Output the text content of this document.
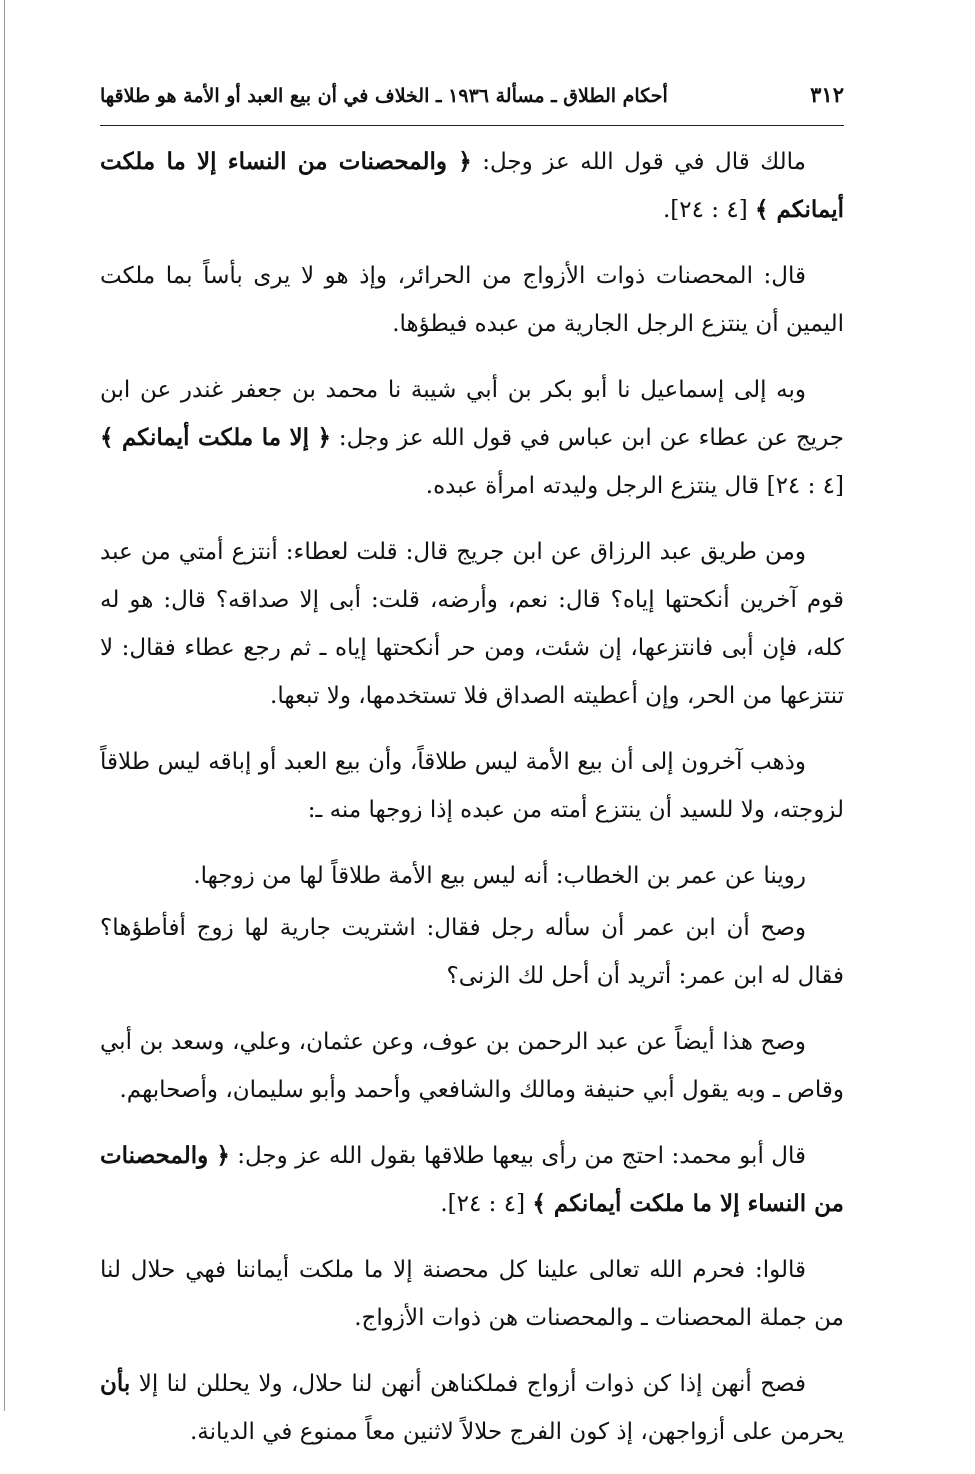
٣١٢
أحكام الطلاق ـ مسألة ١٩٣٦ ـ الخلاف في أن بيع العبد أو الأمة هو طلاقها

مالك قال في قول الله عز وجل: ﴿ والمحصنات من النساء إلا ما ملكت أيمانكم ﴾ [٤ : ٢٤].

قال: المحصنات ذوات الأزواج من الحرائر، وإذ هو لا يرى بأساً بما ملكت اليمين أن ينتزع الرجل الجارية من عبده فيطؤها.

وبه إلى إسماعيل نا أبو بكر بن أبي شيبة نا محمد بن جعفر غندر عن ابن جريج عن عطاء عن ابن عباس في قول الله عز وجل: ﴿ إلا ما ملكت أيمانكم ﴾ [٤ : ٢٤] قال ينتزع الرجل وليدته امرأة عبده.

ومن طريق عبد الرزاق عن ابن جريج قال: قلت لعطاء: أنتزع أمتي من عبد قوم آخرين أنكحتها إياه؟ قال: نعم، وأرضه، قلت: أبى إلا صداقه؟ قال: هو له كله، فإن أبى فانتزعها، إن شئت، ومن حر أنكحتها إياه ـ ثم رجع عطاء فقال: لا تنتزعها من الحر، وإن أعطيته الصداق فلا تستخدمها، ولا تبعها.

وذهب آخرون إلى أن بيع الأمة ليس طلاقاً، وأن بيع العبد أو إباقه ليس طلاقاً لزوجته، ولا للسيد أن ينتزع أمته من عبده إذا زوجها منه ـ:

روينا عن عمر بن الخطاب: أنه ليس بيع الأمة طلاقاً لها من زوجها.

وصح أن ابن عمر أن سأله رجل فقال: اشتريت جارية لها زوج أفأطؤها؟ فقال له ابن عمر: أتريد أن أحل لك الزنى؟

وصح هذا أيضاً عن عبد الرحمن بن عوف، وعن عثمان، وعلي، وسعد بن أبي وقاص ـ وبه يقول أبي حنيفة ومالك والشافعي وأحمد وأبو سليمان، وأصحابهم.

قال أبو محمد: احتج من رأى بيعها طلاقها بقول الله عز وجل: ﴿ والمحصنات من النساء إلا ما ملكت أيمانكم ﴾ [٤ : ٢٤].

قالوا: فحرم الله تعالى علينا كل محصنة إلا ما ملكت أيماننا فهي حلال لنا من جملة المحصنات ـ والمحصنات هن ذوات الأزواج.

فصح أنهن إذا كن ذوات أزواج فملكناهن أنهن لنا حلال، ولا يحللن لنا إلا بأن يحرمن على أزواجهن، إذ كون الفرج حلالاً لاثنين معاً ممنوع في الديانة.
